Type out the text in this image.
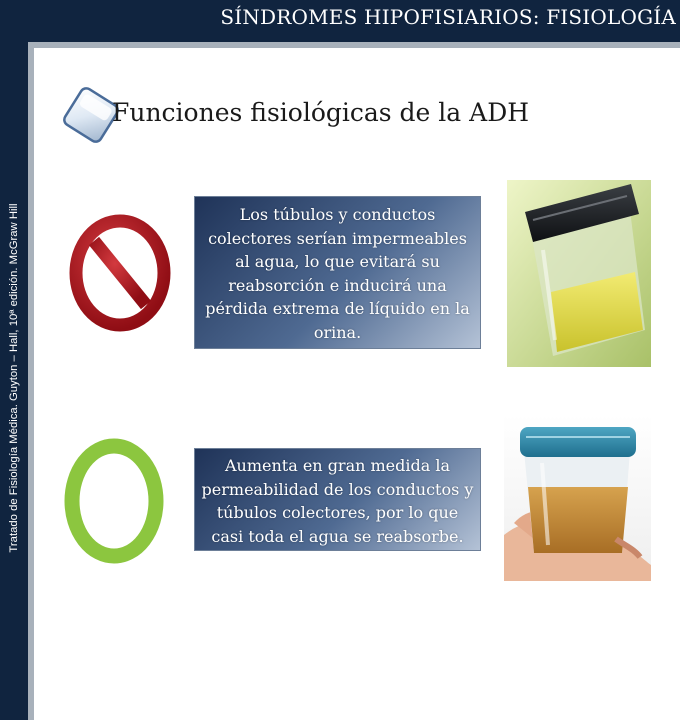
SÍNDROMES HIPOFISIARIOS: FISIOLOGÍA
Tratado de Fisiología Médica. Guyton – Hall, 10ª edición. McGraw Hill
Funciones fisiológicas de la ADH
Los túbulos y conductos colectores serían impermeables al agua, lo que evitará su reabsorción e inducirá una pérdida extrema de líquido en la orina.
Aumenta en gran medida la permeabilidad de los conductos y túbulos colectores, por lo que casi toda el agua se reabsorbe.
